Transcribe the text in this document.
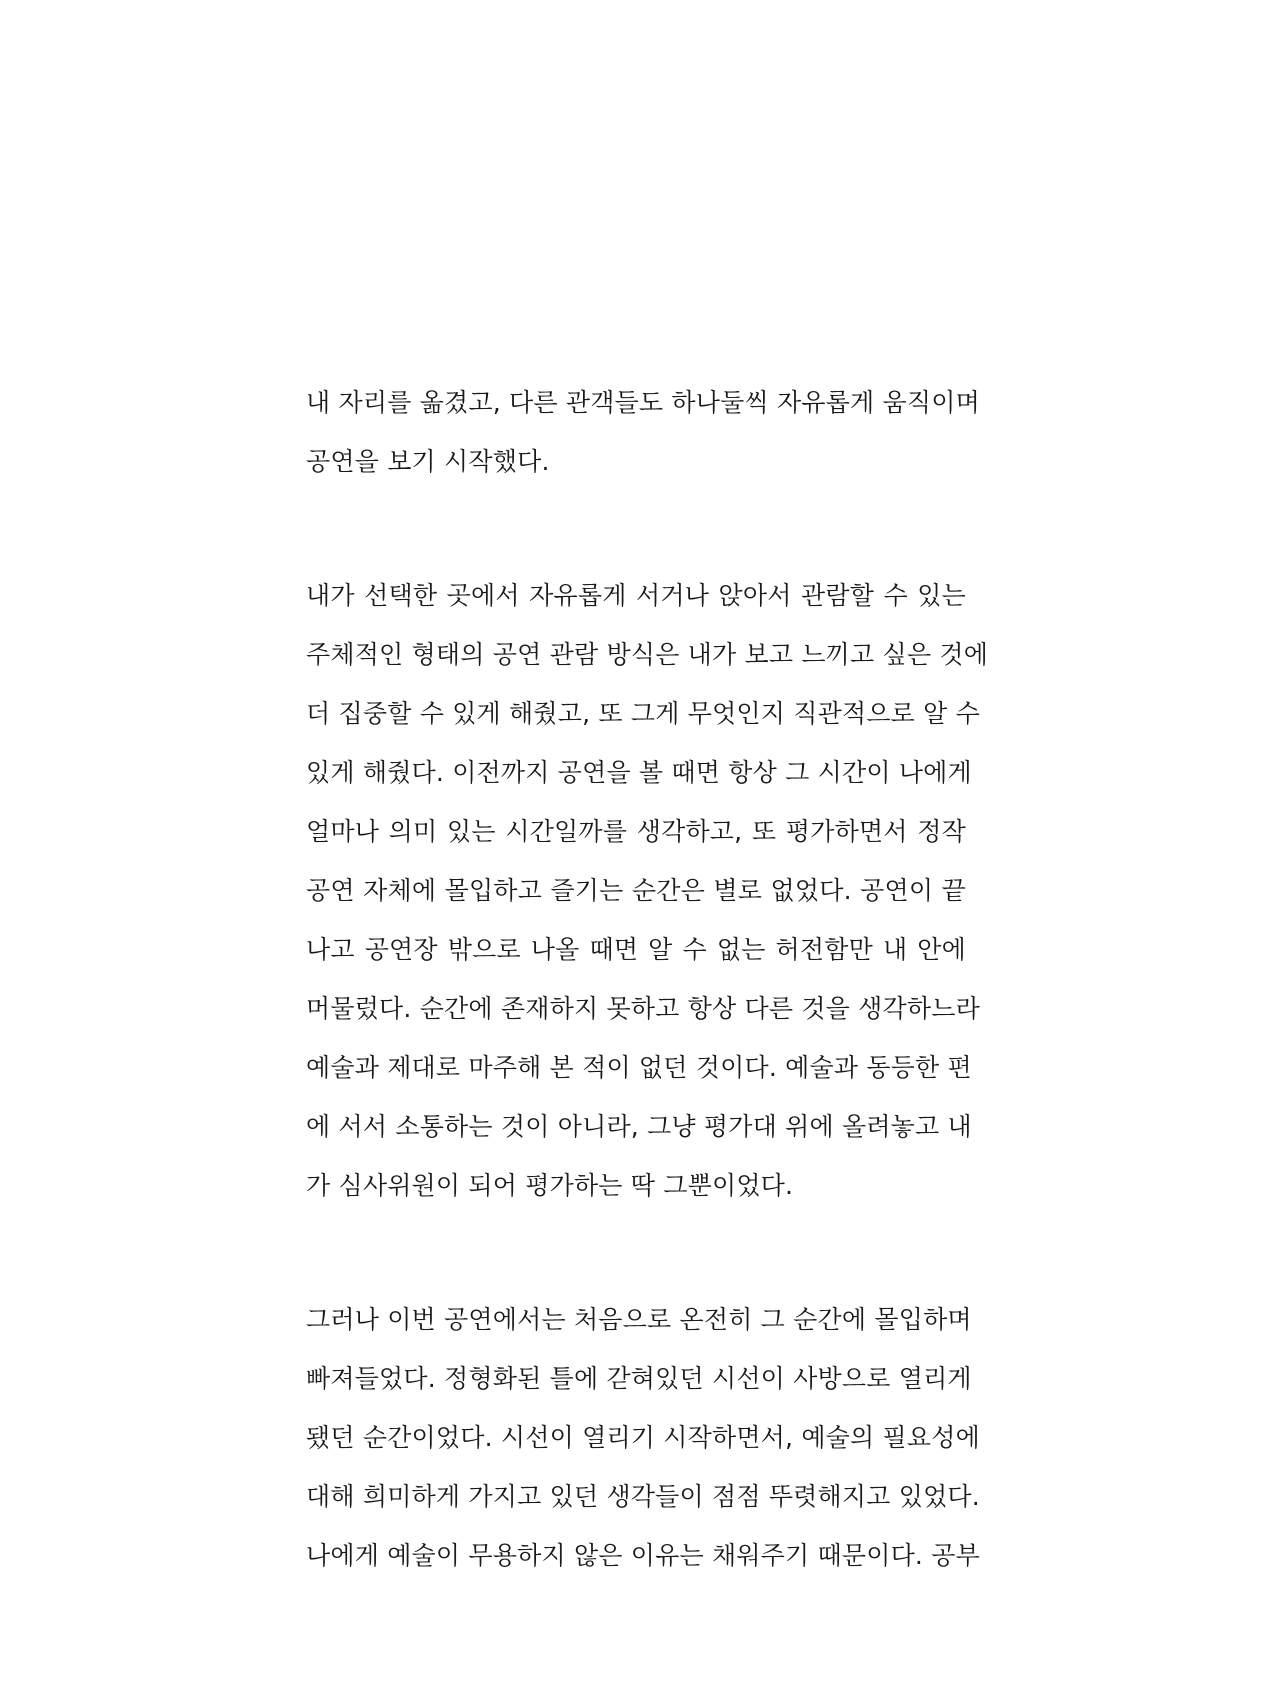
내 자리를 옮겼고, 다른 관객들도 하나둘씩 자유롭게 움직이며
공연을 보기 시작했다.

내가 선택한 곳에서 자유롭게 서거나 앉아서 관람할 수 있는
주체적인 형태의 공연 관람 방식은 내가 보고 느끼고 싶은 것에
더 집중할 수 있게 해줬고, 또 그게 무엇인지 직관적으로 알 수
있게 해줬다. 이전까지 공연을 볼 때면 항상 그 시간이 나에게
얼마나 의미 있는 시간일까를 생각하고, 또 평가하면서 정작
공연 자체에 몰입하고 즐기는 순간은 별로 없었다. 공연이 끝
나고 공연장 밖으로 나올 때면 알 수 없는 허전함만 내 안에
머물렀다. 순간에 존재하지 못하고 항상 다른 것을 생각하느라
예술과 제대로 마주해 본 적이 없던 것이다. 예술과 동등한 편
에 서서 소통하는 것이 아니라, 그냥 평가대 위에 올려놓고 내
가 심사위원이 되어 평가하는 딱 그뿐이었다.

그러나 이번 공연에서는 처음으로 온전히 그 순간에 몰입하며
빠져들었다. 정형화된 틀에 갇혀있던 시선이 사방으로 열리게
됐던 순간이었다. 시선이 열리기 시작하면서, 예술의 필요성에
대해 희미하게 가지고 있던 생각들이 점점 뚜렷해지고 있었다.
나에게 예술이 무용하지 않은 이유는 채워주기 때문이다. 공부
